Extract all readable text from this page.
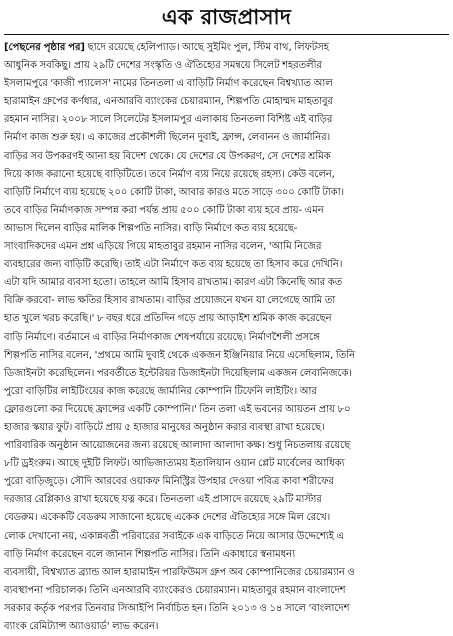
এক রাজপ্রাসাদ
[পেছনের পৃষ্ঠার পর] ছাদে রয়েছে হেলিপ্যাড। আছে সুইমিং পুল, স্টিম বাথ, লিফটসহ
আধুনিক সবকিছু। প্রায় ২৯টি দেশের সংস্কৃতি ও ঐতিহ্যের সমন্বয়ে সিলেট শহরতলীর
ইসলামপুরে 'কাজী প্যালেস' নামের তিনতলা এ বাড়িটি নির্মাণ করেছেন বিশ্বখ্যাত আল
হারামাইন গ্রুপের কর্ণধার, এনআরবি ব্যাংকের চেয়ারম্যান, শিল্পপতি মোহাম্মদ মাহতাবুর
রহমান নাসির। ২০০৮ সালে সিলেটের ইসলামপুর এলাকায় তিনতলা বিশিষ্ট এই বাড়ির
নির্মাণ কাজ শুরু হয়। এ কাজের প্রকৌশলী ছিলেন দুবাই, ফ্রান্স, লেবানন ও জার্মানির।
বাড়ির সব উপকরণই আনা হয় বিদেশ থেকে। যে দেশের যে উপকরণ, সে দেশের শ্রমিক
দিয়ে কাজ করানো হয়েছে বাড়িটিতে। তবে নির্মাণ ব্যয় নিয়ে রয়েছে রহস্য। কেউ বলেন,
বাড়িটি নির্মাণে ব্যয় হয়েছে ২০০ কোটি টাকা, আবার কারও মতে সাড়ে ৩০০ কোটি টাকা।
তবে বাড়ির নির্মাণকাজ সম্পন্ন করা পর্যন্ত প্রায় ৫০০ কোটি টাকা ব্যয় হবে প্রায়- এমন
আভাস দিলেন বাড়ির মালিক শিল্পপতি নাসির। বাড়ি নির্মাণে কত ব্যয় হয়েছে-
সাংবাদিকদের এমন প্রশ্ন এড়িয়ে গিয়ে মাহতাবুর রহমান নাসির বলেন, 'আমি নিজের
ব্যবহারের জন্য বাড়িটি করেছি। তাই এটা নির্মাণে কত ব্যয় হয়েছে তা হিসাব করে দেখিনি।
এটা যদি আমার ব্যবসা হতো। তাহলে আমি হিসাব রাখতাম। কারণ এটা কিনেছি আর কত
বিক্রি করবো- লাভ ক্ষতির হিসাব রাখতাম। বাড়ির প্রয়োজনে যখন যা লেগেছে আমি তা
হাত খুলে খরচ করেছি।' ৮ বছর ধরে প্রতিদিন গড়ে প্রায় আড়াইশ শ্রমিক কাজ করেছেন
বাড়ি নির্মাণে। বর্তমানে এ বাড়ির নির্মাণকাজ শেষপর্যায়ে রয়েছে। নির্মাণশৈলী প্রসঙ্গে
শিল্পপতি নাসির বলেন, 'প্রথমে আমি দুবাই থেকে একজন ইঞ্জিনিয়ার নিয়ে এসেছিলাম, তিনি
ডিজাইনটা করেছিলেন। পরবর্তীতে ইন্টেরিয়র ডিজাইনটা দিয়েছিলাম একজন লেবানিজকে।
পুরো বাড়িটির লাইটিংয়ের কাজ করেছে জার্মানির কোম্পানি টিফেনি লাইটিং। আর
ফ্লোরগুলো কর দিয়েছে ফ্রান্সের একটি কোম্পানি।' তিন তলা এই ভবনের আয়তন প্রায় ৮০
হাজার স্কয়ার ফুট। বাড়িটে প্রায় ৫ হাজার মানুষের অনুষ্ঠান করার ব্যবস্থা রাখা হয়েছে।
পারিবারিক অনুষ্ঠান আয়োজনের জন্য রয়েছে আলাদা আলাদা কক্ষ। শুধু নিচতলায় রয়েছে
৮টি ড্রইংরুম। আছে দুইটি লিফট। আভিজাত্যময় ইতালিয়ান ওয়ান প্লেট মার্বেলের আধিক্য
পুরো বাড়িজুড়ে। সৌদি আরবের ওয়াকফ মিনিস্ট্রির উপহার দেওয়া পবিত্র কাবা শরীফের
দরজার রেপ্লিকাও রাখা হয়েছে যত্ন করে। তিনতলা এই প্রাসাদে রয়েছে ২৯টি মাস্টার
বেডরুম। একেকটি বেডরুম সাজানো হয়েছে একেক দেশের ঐতিহ্যের সঙ্গে মিল রেখে।
লোক দেখানো নয়, একান্নবর্তী পরিবারের সবাইকে এক বাড়িতে নিয়ে আসার উদ্দেশ্যেই এ
বাড়ি নির্মাণ করেছেন বলে জানান শিল্পপতি নাসির। তিনি একাধারে স্বনামধন্য
ব্যবসায়ী, বিশ্বখ্যাত ব্র্যান্ড আল হারামাইন পারফিউমস গ্রুপ অব কোম্পানিজের চেয়ারম্যান ও
ব্যবস্থাপনা পরিচালক। তিনি এনআরবি ব্যাংকেরও চেয়ারম্যান। মাহতাবুর রহমান বাংলাদেশ
সরকার কর্তৃক পরপর তিনবার সিআইপি নির্বাচিত হন। তিনি ২০১৩ ও ১৪ সালে 'বাংলাদেশ
ব্যাংক রেমিট্যান্স অ্যাওয়ার্ড' লাভ করেন।
